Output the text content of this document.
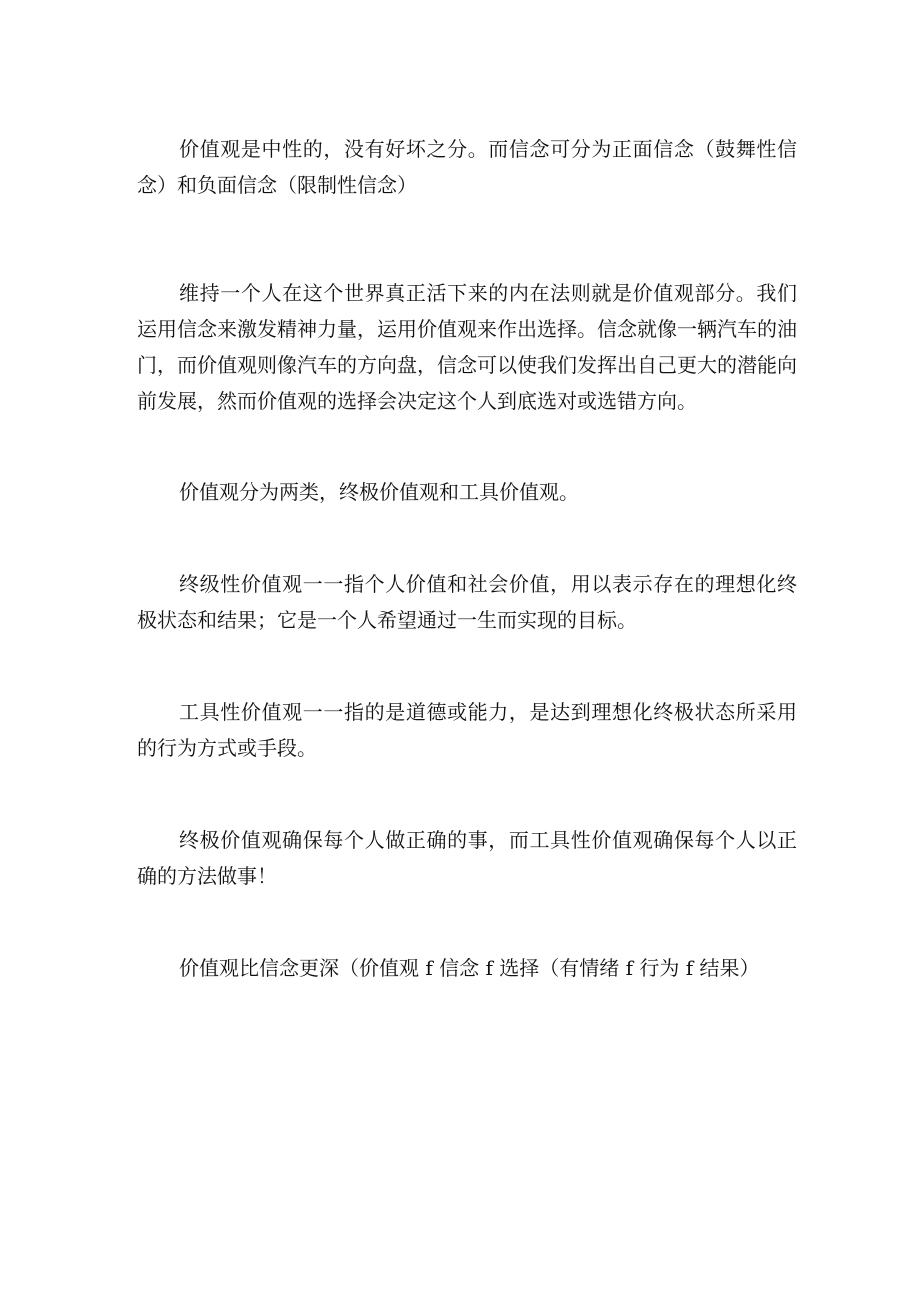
价值观是中性的，没有好坏之分。而信念可分为正面信念（鼓舞性信念）和负面信念（限制性信念）

维持一个人在这个世界真正活下来的内在法则就是价值观部分。我们运用信念来激发精神力量，运用价值观来作出选择。信念就像一辆汽车的油门，而价值观则像汽车的方向盘，信念可以使我们发挥出自己更大的潜能向前发展，然而价值观的选择会决定这个人到底选对或选错方向。

价值观分为两类，终极价值观和工具价值观。

终级性价值观一一指个人价值和社会价值，用以表示存在的理想化终极状态和结果；它是一个人希望通过一生而实现的目标。

工具性价值观一一指的是道德或能力，是达到理想化终极状态所采用的行为方式或手段。

终极价值观确保每个人做正确的事，而工具性价值观确保每个人以正确的方法做事！

价值观比信念更深（价值观 f 信念 f 选择（有情绪 f 行为 f 结果）
